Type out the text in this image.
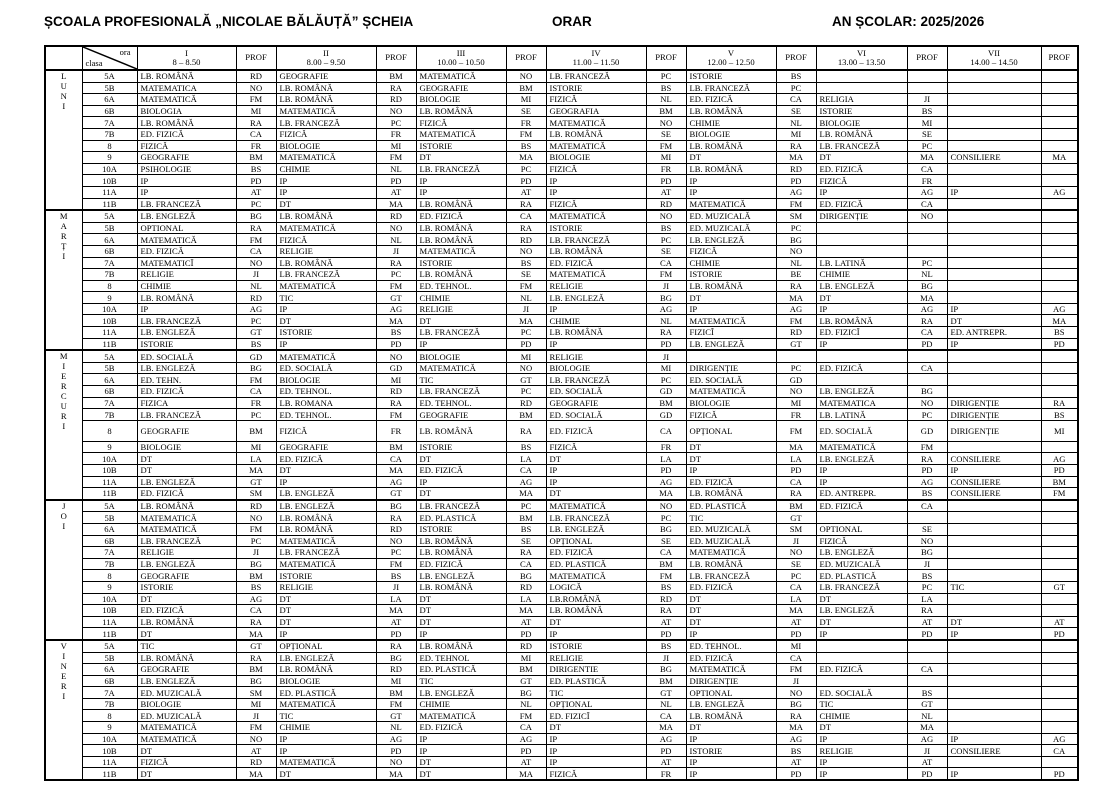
ȘCOALA PROFESIONALĂ „NICOLAE BĂLĂUȚĂ” ȘCHEIA	ORAR	AN ȘCOLAR: 2025/2026

ora
clasa
	I
8 – 8.50	PROF	II
8.00 – 9.50	PROF	III
10.00 – 10.50	PROF	IV
11.00 – 11.50	PROF	V
12.00 – 12.50	PROF	VI
13.00 – 13.50	PROF	VII
14.00 – 14.50	PROF

L
U
N
I
	5A	LB. ROMÂNĂ	RD	GEOGRAFIE	BM	MATEMATICĂ	NO	LB. FRANCEZĂ	PC	ISTORIE	BS				
5B	MATEMATICA	NO	LB. ROMÂNĂ	RA	GEOGRAFIE	BM	ISTORIE	BS	LB. FRANCEZĂ	PC				
6A	MATEMATICĂ	FM	LB. ROMÂNĂ	RD	BIOLOGIE	MI	FIZICĂ	NL	ED. FIZICĂ	CA	RELIGIA	JI		
6B	BIOLOGIA	MI	MATEMATICĂ	NO	LB. ROMÂNĂ	SE	GEOGRAFIA	BM	LB. ROMÂNĂ	SE	ISTORIE	BS		
7A	LB. ROMÂNĂ	RA	LB. FRANCEZĂ	PC	FIZICĂ	FR	MATEMATICĂ	NO	CHIMIE	NL	BIOLOGIE	MI		
7B	ED. FIZICĂ	CA	FIZICĂ	FR	MATEMATICĂ	FM	LB. ROMÂNĂ	SE	BIOLOGIE	MI	LB. ROMÂNĂ	SE		
8	FIZICĂ	FR	BIOLOGIE	MI	ISTORIE	BS	MATEMATICĂ	FM	LB. ROMÂNĂ	RA	LB. FRANCEZĂ	PC		
9	GEOGRAFIE	BM	MATEMATICĂ	FM	DT	MA	BIOLOGIE	MI	DT	MA	DT	MA	CONSILIERE	MA
10A	PSIHOLOGIE	BS	CHIMIE	NL	LB. FRANCEZĂ	PC	FIZICĂ	FR	LB. ROMÂNĂ	RD	ED. FIZICĂ	CA		
10B	IP	PD	IP	PD	IP	PD	IP	PD	IP	PD	FIZICĂ	FR		
11A	IP	AT	IP	AT	IP	AT	IP	AT	IP	AG	IP	AG	IP	AG
11B	LB. FRANCEZĂ	PC	DT	MA	LB. ROMÂNĂ	RA	FIZICĂ	RD	MATEMATICĂ	FM	ED. FIZICĂ	CA		

M
A
R
Ț
I
	5A	LB. ENGLEZĂ	BG	LB. ROMÂNĂ	RD	ED. FIZICĂ	CA	MATEMATICĂ	NO	ED. MUZICALĂ	SM	DIRIGENȚIE	NO		
5B	OPTIONAL	RA	MATEMATICĂ	NO	LB. ROMÂNĂ	RA	ISTORIE	BS	ED. MUZICALĂ	PC				
6A	MATEMATICĂ	FM	FIZICĂ	NL	LB. ROMÂNĂ	RD	LB. FRANCEZĂ	PC	LB. ENGLEZĂ	BG				
6B	ED. FIZICĂ	CA	RELIGIE	JI	MATEMATICĂ	NO	LB. ROMÂNĂ	SE	FIZICĂ	NO				
7A	MATEMATICĨ	NO	LB. ROMÂNĂ	RA	ISTORIE	BS	ED. FIZICĂ	CA	CHIMIE	NL	LB. LATINĂ	PC		
7B	RELIGIE	JI	LB. FRANCEZĂ	PC	LB. ROMÂNĂ	SE	MATEMATICĂ	FM	ISTORIE	BE	CHIMIE	NL		
8	CHIMIE	NL	MATEMATICĂ	FM	ED. TEHNOL.	FM	RELIGIE	JI	LB. ROMÂNĂ	RA	LB. ENGLEZĂ	BG		
9	LB. ROMÂNĂ	RD	TIC	GT	CHIMIE	NL	LB. ENGLEZĂ	BG	DT	MA	DT	MA		
10A	IP	AG	IP	AG	RELIGIE	JI	IP	AG	IP	AG	IP	AG	IP	AG
10B	LB. FRANCEZĂ	PC	DT	MA	DT	MA	CHIMIE	NL	MATEMATICĂ	FM	LB. ROMÂNĂ	RA	DT	MA
11A	LB. ENGLEZĂ	GT	ISTORIE	BS	LB. FRANCEZĂ	PC	LB. ROMÂNĂ	RA	FIZICĨ	RD	ED. FIZICĨ	CA	ED. ANTREPR.	BS
11B	ISTORIE	BS	IP	PD	IP	PD	IP	PD	LB. ENGLEZĂ	GT	IP	PD	IP	PD

M
I
E
R
C
U
R
I
	5A	ED. SOCIALĂ	GD	MATEMATICĂ	NO	BIOLOGIE	MI	RELIGIE	JI						
5B	LB. ENGLEZĂ	BG	ED. SOCIALĂ	GD	MATEMATICĂ	NO	BIOLOGIE	MI	DIRIGENȚIE	PC	ED. FIZICĂ	CA		
6A	ED. TEHN.	FM	BIOLOGIE	MI	TIC	GT	LB. FRANCEZĂ	PC	ED. SOCIALĂ	GD				
6B	ED. FIZICĂ	CA	ED. TEHNOL.	RD	LB. FRANCEZĂ	PC	ED. SOCIALĂ	GD	MATEMATICĂ	NO	LB. ENGLEZĂ	BG		
7A	FIZICA	FR	LB. ROMANA	RA	ED. TEHNOL.	RD	GEOGRAFIE	BM	BIOLOGIE	MI	MATEMATICA	NO	DIRIGENȚIE	RA
7B	LB. FRANCEZĂ	PC	ED. TEHNOL.	FM	GEOGRAFIE	BM	ED. SOCIALĂ	GD	FIZICĂ	FR	LB. LATINĂ	PC	DIRIGENȚIE	BS
8	GEOGRAFIE	BM	FIZICĂ	FR	LB. ROMÂNĂ	RA	ED. FIZICĂ	CA	OPȚIONAL	FM	ED. SOCIALĂ	GD	DIRIGENȚIE	MI
9	BIOLOGIE	MI	GEOGRAFIE	BM	ISTORIE	BS	FIZICĂ	FR	DT	MA	MATEMATICĂ	FM		
10A	DT	LA	ED. FIZICĂ	CA	DT	LA	DT	LA	DT	LA	LB. ENGLEZĂ	RA	CONSILIERE	AG
10B	DT	MA	DT	MA	ED. FIZICĂ	CA	IP	PD	IP	PD	IP	PD	IP	PD
11A	LB. ENGLEZĂ	GT	IP	AG	IP	AG	IP	AG	ED. FIZICĂ	CA	IP	AG	CONSILIERE	BM
11B	ED. FIZICĂ	SM	LB. ENGLEZĂ	GT	DT	MA	DT	MA	LB. ROMÂNĂ	RA	ED. ANTREPR.	BS	CONSILIERE	FM

J
O
I
	5A	LB. ROMÂNĂ	RD	LB. ENGLEZĂ	BG	LB. FRANCEZĂ	PC	MATEMATICĂ	NO	ED. PLASTICĂ	BM	ED. FIZICĂ	CA		
5B	MATEMATICĂ	NO	LB. ROMÂNĂ	RA	ED. PLASTICĂ	BM	LB. FRANCEZĂ	PC	TIC	GT				
6A	MATEMATICĂ	FM	LB. ROMÂNĂ	RD	ISTORIE	BS	LB. ENGLEZĂ	BG	ED. MUZICALĂ	SM	OPTIONAL	SE		
6B	LB. FRANCEZĂ	PC	MATEMATICĂ	NO	LB. ROMÂNĂ	SE	OPȚIONAL	SE	ED. MUZICALĂ	JI	FIZICĂ	NO		
7A	RELIGIE	JI	LB. FRANCEZĂ	PC	LB. ROMÂNĂ	RA	ED. FIZICĂ	CA	MATEMATICĂ	NO	LB. ENGLEZĂ	BG		
7B	LB. ENGLEZĂ	BG	MATEMATICĂ	FM	ED. FIZICĂ	CA	ED. PLASTICĂ	BM	LB. ROMÂNĂ	SE	ED. MUZICALĂ	JI		
8	GEOGRAFIE	BM	ISTORIE	BS	LB. ENGLEZĂ	BG	MATEMATICĂ	FM	LB. FRANCEZĂ	PC	ED. PLASTICĂ	BS		
9	ISTORIE	BS	RELIGIE	JI	LB. ROMÂNĂ	RD	LOGICĂ	BS	ED. FIZICĂ	CA	LB. FRANCEZĂ	PC	TIC	GT
10A	DT	AG	DT	LA	DT	LA	LB.ROMÂNĂ	RD	DT	LA	DT	LA		
10B	ED. FIZICĂ	CA	DT	MA	DT	MA	LB. ROMÂNĂ	RA	DT	MA	LB. ENGLEZĂ	RA		
11A	LB. ROMÂNĂ	RA	DT	AT	DT	AT	DT	AT	DT	AT	DT	AT	DT	AT
11B	DT	MA	IP	PD	IP	PD	IP	PD	IP	PD	IP	PD	IP	PD

V
I
N
E
R
I
	5A	TIC	GT	OPȚIONAL	RA	LB. ROMÂNĂ	RD	ISTORIE	BS	ED. TEHNOL.	MI				
5B	LB. ROMÂNĂ	RA	LB. ENGLEZĂ	BG	ED. TEHNOL	MI	RELIGIE	JI	ED. FIZICĂ	CA				
6A	GEOGRAFIE	BM	LB. ROMÂNĂ	RD	ED. PLASTICĂ	BM	DIRIGENTIE	BG	MATEMATICĂ	FM	ED. FIZICĂ	CA		
6B	LB. ENGLEZĂ	BG	BIOLOGIE	MI	TIC	GT	ED. PLASTICĂ	BM	DIRIGENȚIE	JI				
7A	ED. MUZICALĂ	SM	ED. PLASTICĂ	BM	LB. ENGLEZĂ	BG	TIC	GT	OPTIONAL	NO	ED. SOCIALĂ	BS		
7B	BIOLOGIE	MI	MATEMATICĂ	FM	CHIMIE	NL	OPȚIONAL	NL	LB. ENGLEZĂ	BG	TIC	GT		
8	ED. MUZICALĂ	JI	TIC	GT	MATEMATICĂ	FM	ED. FIZICĨ	CA	LB. ROMÂNĂ	RA	CHIMIE	NL		
9	MATEMATICĂ	FM	CHIMIE	NL	ED. FIZICĂ	CA	DT	MA	DT	MA	DT	MA		
10A	MATEMATICĂ	NO	IP	AG	IP	AG	IP	AG	IP	AG	IP	AG	IP	AG
10B	DT	AT	IP	PD	IP	PD	IP	PD	ISTORIE	BS	RELIGIE	JI	CONSILIERE	CA
11A	FIZICĂ	RD	MATEMATICĂ	NO	DT	AT	IP	AT	IP	AT	IP	AT		
11B	DT	MA	DT	MA	DT	MA	FIZICĂ	FR	IP	PD	IP	PD	IP	PD
